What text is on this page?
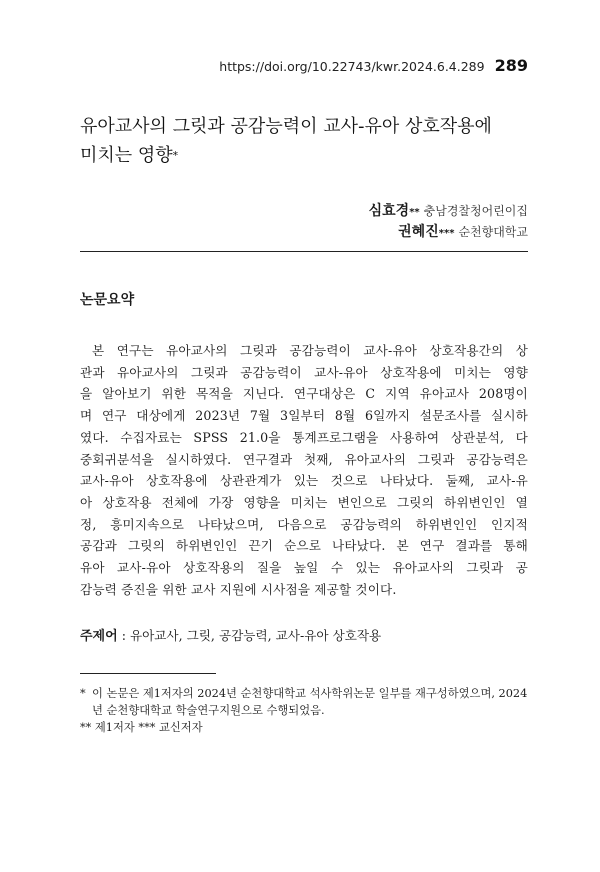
https://doi.org/10.22743/kwr.2024.6.4.289 289
유아교사의 그릿과 공감능력이 교사-유아 상호작용에
미치는 영향*
심효경** 충남경찰청어린이집
권혜진*** 순천향대학교
논문요약
본 연구는 유아교사의 그릿과 공감능력이 교사-유아 상호작용간의 상
관과 유아교사의 그릿과 공감능력이 교사-유아 상호작용에 미치는 영향
을 알아보기 위한 목적을 지닌다. 연구대상은 C 지역 유아교사 208명이
며 연구 대상에게 2023년 7월 3일부터 8월 6일까지 설문조사를 실시하
였다. 수집자료는 SPSS 21.0을 통계프로그램을 사용하여 상관분석, 다
중회귀분석을 실시하였다. 연구결과 첫째, 유아교사의 그릿과 공감능력은
교사-유아 상호작용에 상관관계가 있는 것으로 나타났다. 둘째, 교사-유
아 상호작용 전체에 가장 영향을 미치는 변인으로 그릿의 하위변인인 열
정, 흥미지속으로 나타났으며, 다음으로 공감능력의 하위변인인 인지적
공감과 그릿의 하위변인인 끈기 순으로 나타났다. 본 연구 결과를 통해
유아 교사-유아 상호작용의 질을 높일 수 있는 유아교사의 그릿과 공
감능력 증진을 위한 교사 지원에 시사점을 제공할 것이다.
주제어 : 유아교사, 그릿, 공감능력, 교사-유아 상호작용
* 이 논문은 제1저자의 2024년 순천향대학교 석사학위논문 일부를 재구성하였으며, 2024년 순천향대학교 학술연구지원으로 수행되었음.
** 제1저자 *** 교신저자
